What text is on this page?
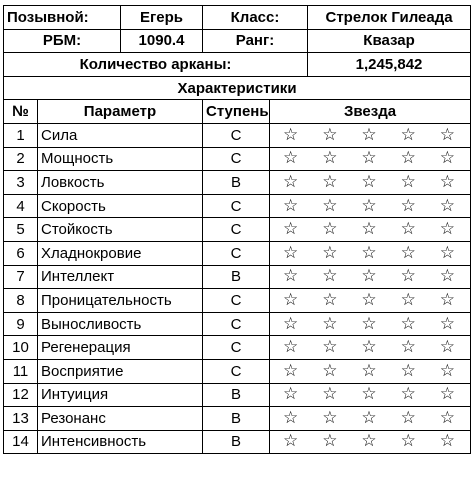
Позывной:		Егерь	Класс:		Стрелок Гилеада
РБМ:		1090.4	Ранг:		Квазар
Количество арканы:					1,245,842
Характеристики					
№	Параметр		Ступень	Звезда	
1	Сила		C	☆ ☆ ☆ ☆ ☆	

2	Мощность		C	☆ ☆ ☆ ☆ ☆	

3	Ловкость		B	☆ ☆ ☆ ☆ ☆	

4	Скорость		C	☆ ☆ ☆ ☆ ☆	

5	Стойкость		C	☆ ☆ ☆ ☆ ☆	

6	Хладнокровие		C	☆ ☆ ☆ ☆ ☆	

7	Интеллект		B	☆ ☆ ☆ ☆ ☆	

8	Проницательность		C	☆ ☆ ☆ ☆ ☆	

9	Выносливость		C	☆ ☆ ☆ ☆ ☆	

10	Регенерация		C	☆ ☆ ☆ ☆ ☆	

11	Восприятие		C	☆ ☆ ☆ ☆ ☆	

12	Интуиция		B	☆ ☆ ☆ ☆ ☆	

13	Резонанс		B	☆ ☆ ☆ ☆ ☆	

14	Интенсивность		B	☆ ☆ ☆ ☆ ☆	
